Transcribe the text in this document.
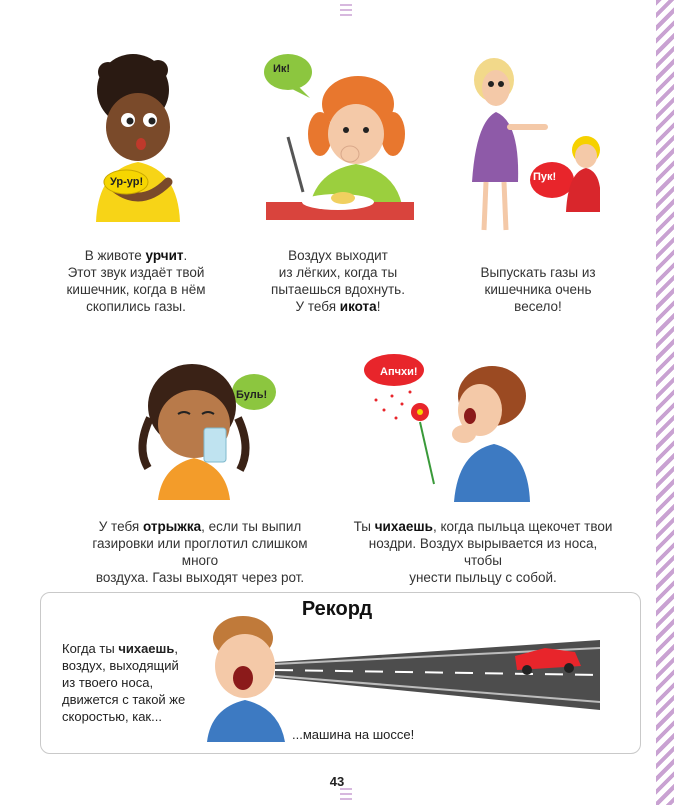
Ур-ур!
Ик!
Пук!
В животе урчит.
Этот звук издаёт твой
кишечник, когда в нём
скопились газы.
Воздух выходит
из лёгких, когда ты
пытаешься вдохнуть.
У тебя икота!
Выпускать газы из
кишечника очень
весело!
Буль!
Апчхи!
У тебя отрыжка, если ты выпил
газировки или проглотил слишком много
воздуха. Газы выходят через рот.
Ты чихаешь, когда пыльца щекочет твои
ноздри. Воздух вырывается из носа, чтобы
унести пыльцу с собой.
Рекорд
Когда ты чихаешь,
воздух, выходящий
из твоего носа,
движется с такой же
скоростью, как...
...машина на шоссе!
43
